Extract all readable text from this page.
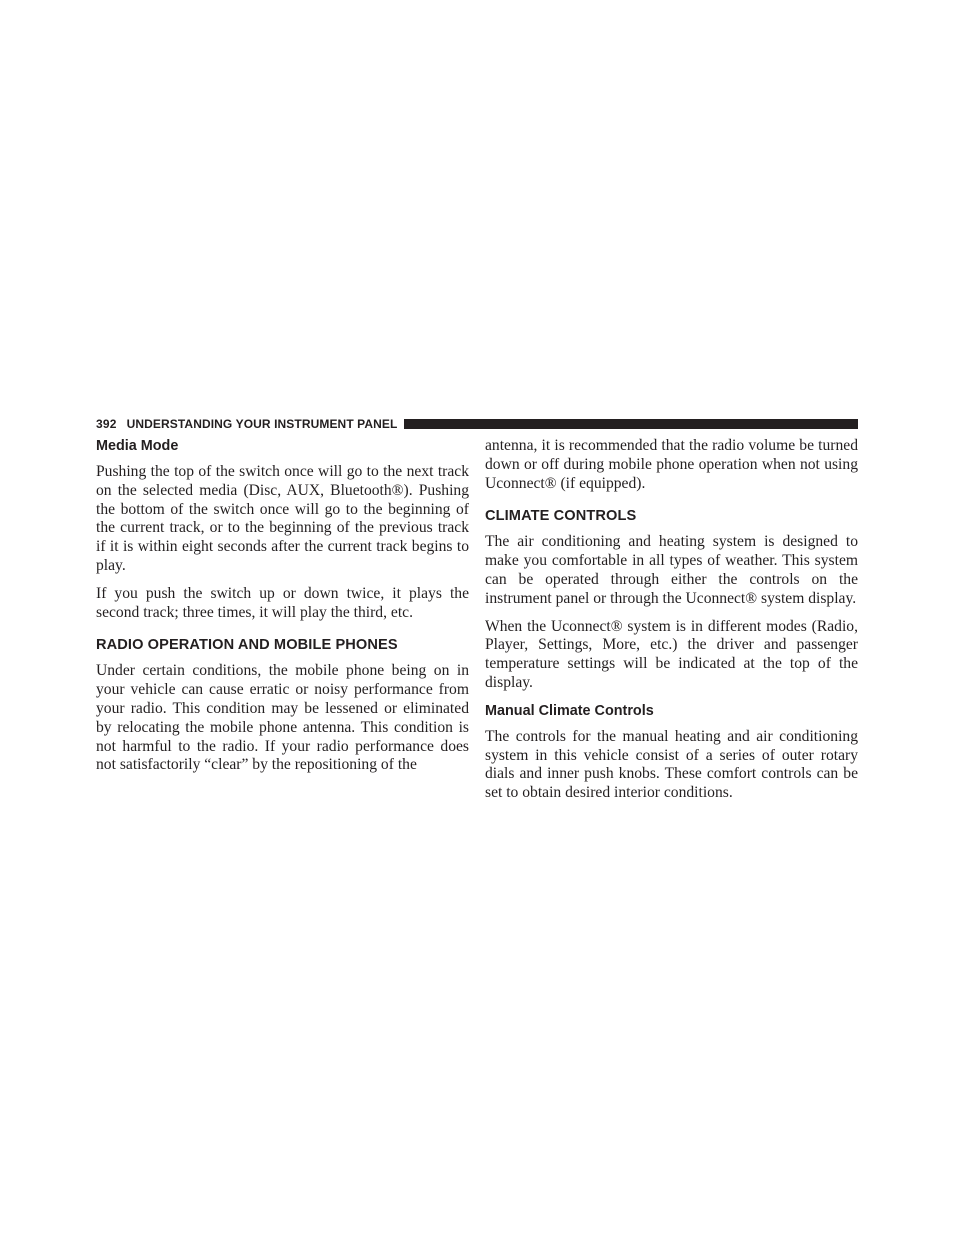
392 UNDERSTANDING YOUR INSTRUMENT PANEL
Media Mode

Pushing the top of the switch once will go to the next track on the selected media (Disc, AUX, Bluetooth®). Pushing the bottom of the switch once will go to the beginning of the current track, or to the beginning of the previous track if it is within eight seconds after the current track begins to play.

If you push the switch up or down twice, it plays the second track; three times, it will play the third, etc.

RADIO OPERATION AND MOBILE PHONES

Under certain conditions, the mobile phone being on in your vehicle can cause erratic or noisy performance from your radio. This condition may be lessened or eliminated by relocating the mobile phone antenna. This condition is not harmful to the radio. If your radio performance does not satisfactorily “clear” by the repositioning of the

antenna, it is recommended that the radio volume be turned down or off during mobile phone operation when not using Uconnect® (if equipped).

CLIMATE CONTROLS

The air conditioning and heating system is designed to make you comfortable in all types of weather. This system can be operated through either the controls on the instrument panel or through the Uconnect® system display.

When the Uconnect® system is in different modes (Radio, Player, Settings, More, etc.) the driver and passenger temperature settings will be indicated at the top of the display.

Manual Climate Controls

The controls for the manual heating and air conditioning system in this vehicle consist of a series of outer rotary dials and inner push knobs. These comfort controls can be set to obtain desired interior conditions.
